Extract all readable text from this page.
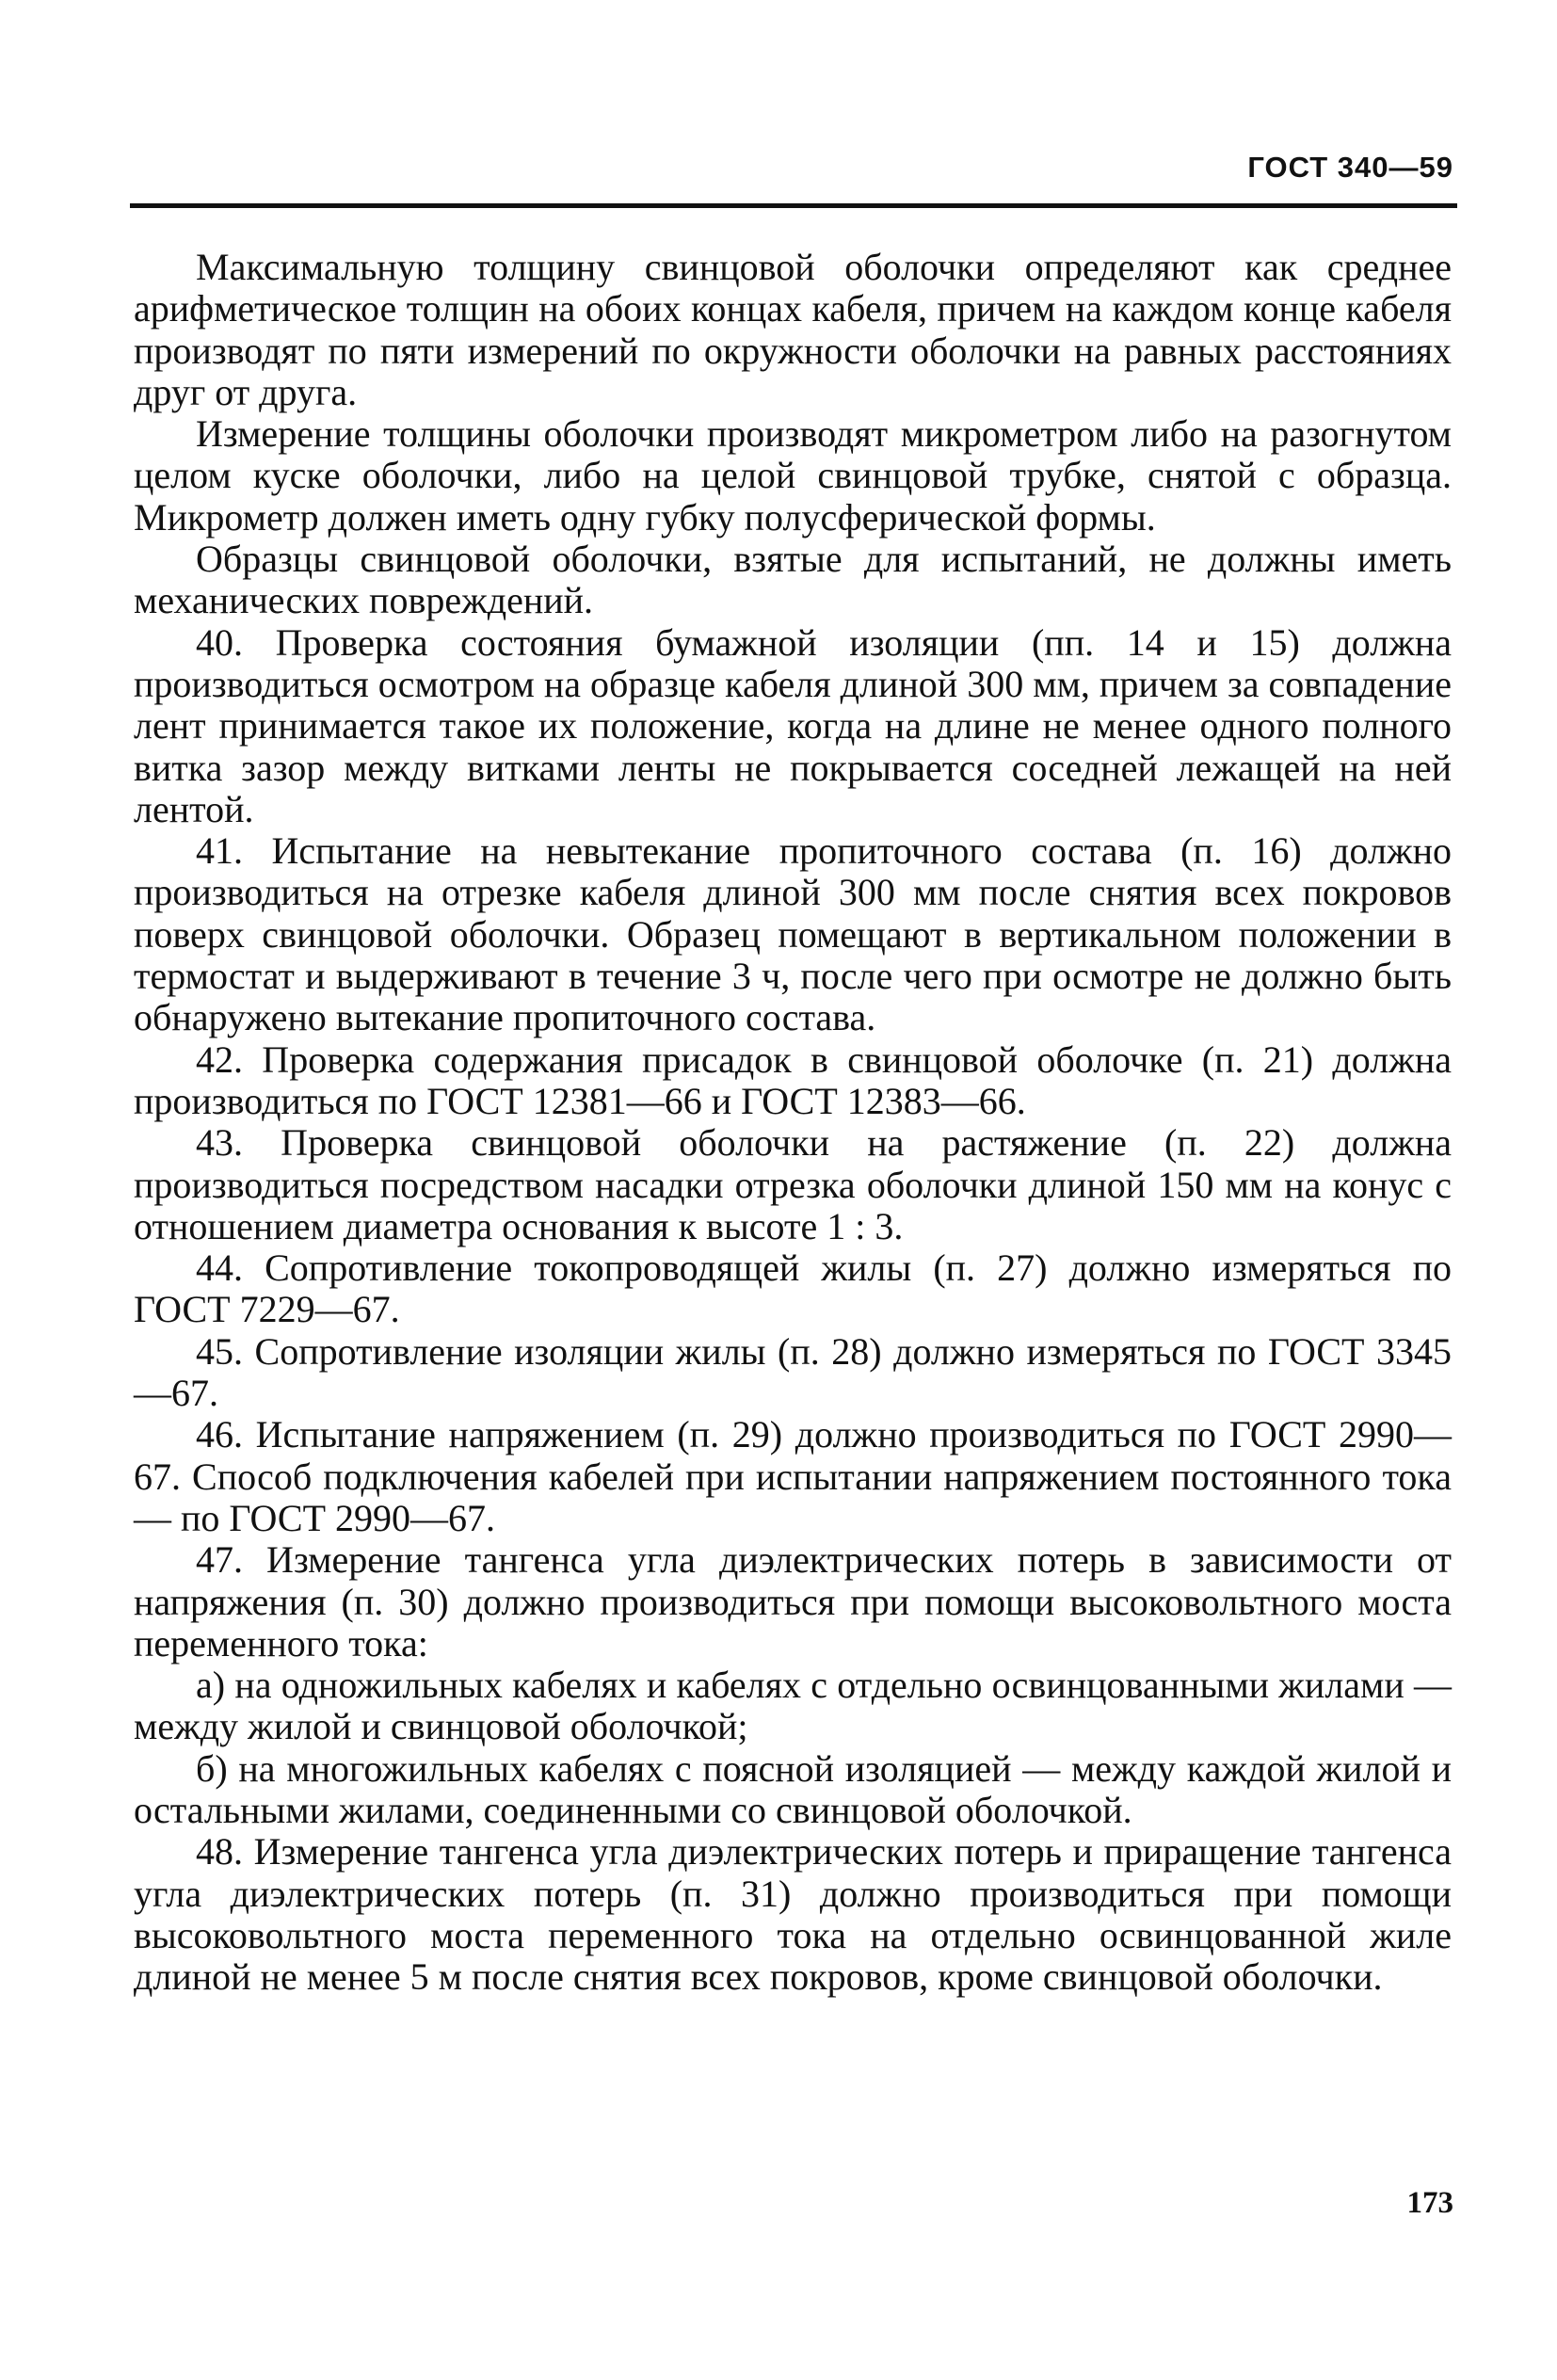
ГОСТ 340—59

Максимальную толщину свинцовой оболочки определяют как среднее арифметическое толщин на обоих концах кабеля, причем на каждом конце кабеля производят по пяти измерений по окружности оболочки на равных расстояниях друг от друга.

Измерение толщины оболочки производят микрометром либо на разогнутом целом куске оболочки, либо на целой свинцовой трубке, снятой с образца. Микрометр должен иметь одну губку полусферической формы.

Образцы свинцовой оболочки, взятые для испытаний, не должны иметь механических повреждений.

40. Проверка состояния бумажной изоляции (пп. 14 и 15) должна производиться осмотром на образце кабеля длиной 300 мм, причем за совпадение лент принимается такое их положение, когда на длине не менее одного полного витка зазор между витками ленты не покрывается соседней лежащей на ней лентой.

41. Испытание на невытекание пропиточного состава (п. 16) должно производиться на отрезке кабеля длиной 300 мм после снятия всех покровов поверх свинцовой оболочки. Образец помещают в вертикальном положении в термостат и выдерживают в течение 3 ч, после чего при осмотре не должно быть обнаружено вытекание пропиточного состава.

42. Проверка содержания присадок в свинцовой оболочке (п. 21) должна производиться по ГОСТ 12381—66 и ГОСТ 12383—66.

43. Проверка свинцовой оболочки на растяжение (п. 22) должна производиться посредством насадки отрезка оболочки длиной 150 мм на конус с отношением диаметра основания к высоте 1 : 3.

44. Сопротивление токопроводящей жилы (п. 27) должно измеряться по ГОСТ 7229—67.

45. Сопротивление изоляции жилы (п. 28) должно измеряться по ГОСТ 3345—67.

46. Испытание напряжением (п. 29) должно производиться по ГОСТ 2990—67. Способ подключения кабелей при испытании напряжением постоянного тока — по ГОСТ 2990—67.

47. Измерение тангенса угла диэлектрических потерь в зависимости от напряжения (п. 30) должно производиться при помощи высоковольтного моста переменного тока:

а) на одножильных кабелях и кабелях с отдельно освинцованными жилами — между жилой и свинцовой оболочкой;

б) на многожильных кабелях с поясной изоляцией — между каждой жилой и остальными жилами, соединенными со свинцовой оболочкой.

48. Измерение тангенса угла диэлектрических потерь и приращение тангенса угла диэлектрических потерь (п. 31) должно производиться при помощи высоковольтного моста переменного тока на отдельно освинцованной жиле длиной не менее 5 м после снятия всех покровов, кроме свинцовой оболочки.

173
